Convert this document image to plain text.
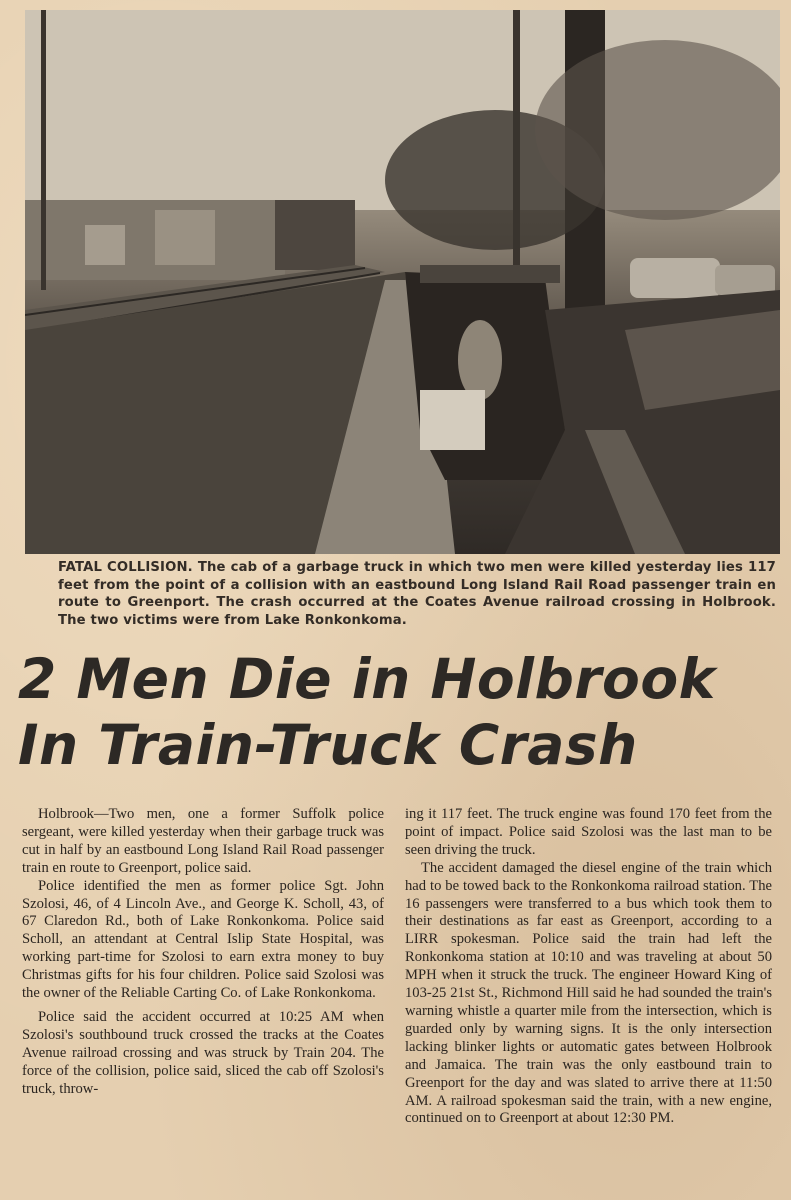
FATAL COLLISION. The cab of a garbage truck in which two men were killed yesterday lies 117 feet from the point of a collision with an eastbound Long Island Rail Road passenger train en route to Greenport. The crash occurred at the Coates Avenue railroad crossing in Holbrook. The two victims were from Lake Ronkonkoma.
2 Men Die in Holbrook
In Train-Truck Crash

Holbrook—Two men, one a former Suffolk police sergeant, were killed yesterday when their garbage truck was cut in half by an eastbound Long Island Rail Road passenger train en route to Greenport, police said.

Police identified the men as former police Sgt. John Szolosi, 46, of 4 Lincoln Ave., and George K. Scholl, 43, of 67 Claredon Rd., both of Lake Ronkonkoma. Police said Scholl, an attendant at Central Islip State Hospital, was working part-time for Szolosi to earn extra money to buy Christmas gifts for his four children. Police said Szolosi was the owner of the Reliable Carting Co. of Lake Ronkonkoma.

Police said the accident occurred at 10:25 AM when Szolosi's southbound truck crossed the tracks at the Coates Avenue railroad crossing and was struck by Train 204. The force of the collision, police said, sliced the cab off Szolosi's truck, throw-

ing it 117 feet. The truck engine was found 170 feet from the point of impact. Police said Szolosi was the last man to be seen driving the truck.

The accident damaged the diesel engine of the train which had to be towed back to the Ronkonkoma railroad station. The 16 passengers were transferred to a bus which took them to their destinations as far east as Greenport, according to a LIRR spokesman. Police said the train had left the Ronkonkoma station at 10:10 and was traveling at about 50 MPH when it struck the truck. The engineer Howard King of 103-25 21st St., Richmond Hill said he had sounded the train's warning whistle a quarter mile from the intersection, which is guarded only by warning signs. It is the only intersection lacking blinker lights or automatic gates between Holbrook and Jamaica. The train was the only eastbound train to Greenport for the day and was slated to arrive there at 11:50 AM. A railroad spokesman said the train, with a new engine, continued on to Greenport at about 12:30 PM.
